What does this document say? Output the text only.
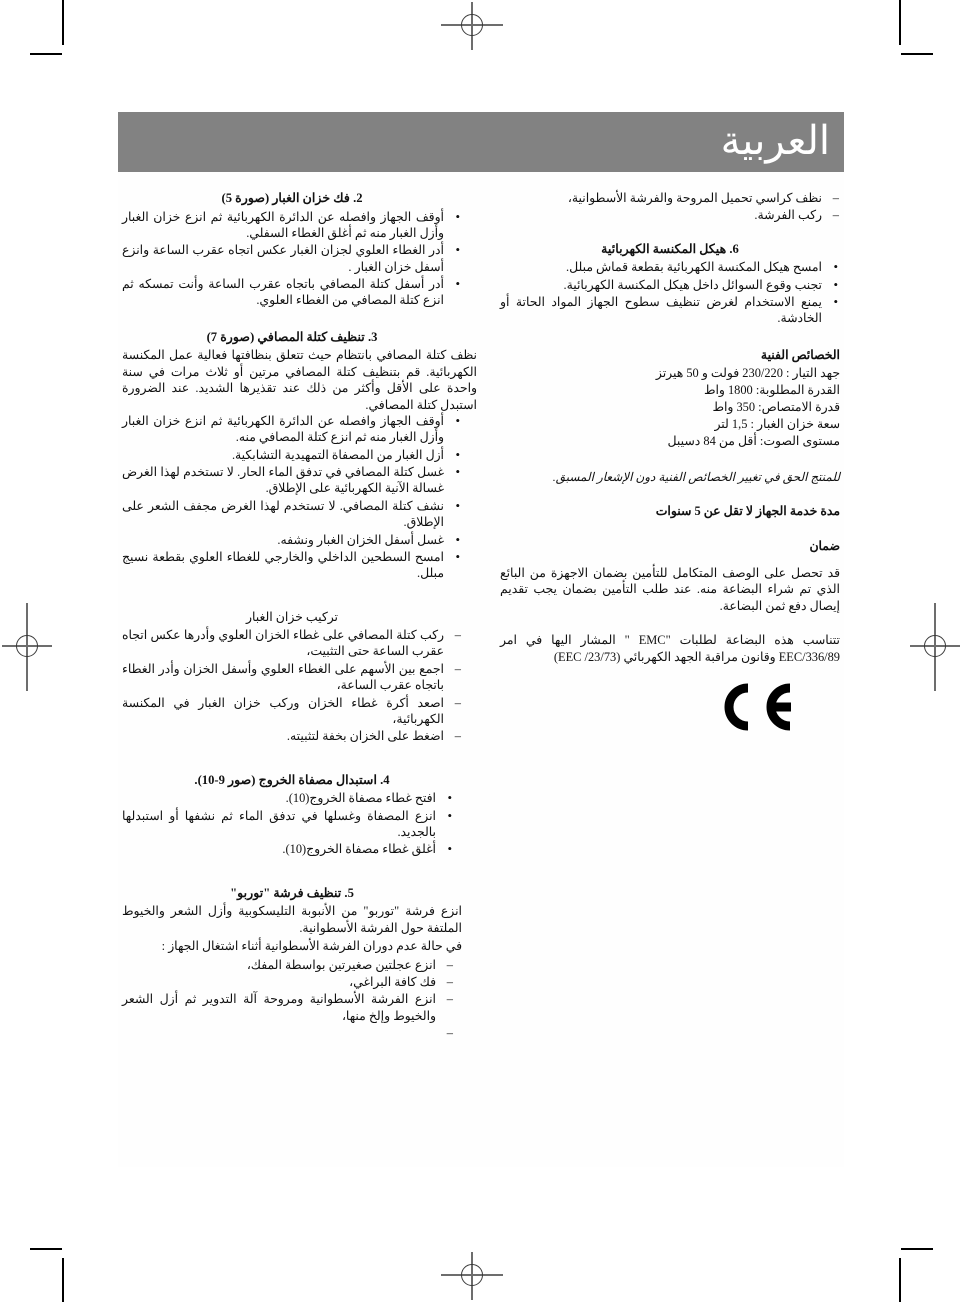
العربية
– نظف كراسي تحميل المروحة والفرشة الأسطوانية،
– ركب الفرشة.

6. هيكل المكنسة الكهربائية

• امسح هيكل المكنسة الكهربائية بقطعة قماش مبلل.
• تجنب وقوع السوائل داخل هيكل المكنسة الكهربائية.
• يمنع الاستخدام لغرض تنظيف سطوح الجهاز المواد الحاتة أو الخادشة.

الخصائص الفنية

جهد التيار : 230/220 فولت و 50 هيرتز

القدرة المطلوبة: 1800 واط

قدرة الامتصاص: 350 واط

سعة خزان الغبار : 1,5 لتر

مستوى الصوت: أقل من 84 دسيبل

للمنتج الحق في تغيير الخصائص الفنية دون الإشعار المسبق.

مدة خدمة الجهاز لا تقل عن 5 سنوات

ضمان

قد تحصل على الوصف المتكامل للتأمين بضمان الاجهزة من البائع الذي تم شراء البضاعة منه. عند طلب التأمين بضمان يجب تقديم إيصال دفع ثمن البضاعة.

تتناسب هذه البضاعة لطلبات "EMC " المشار اليها في امر EEC/336/89 وقانون مراقبة الجهد الكهربائي (23/73/ EEC)

2. فك خزان الغبار (صورة 5)

• أوقف الجهاز وافصله عن الدائرة الكهربائية ثم انزع خزان الغبار وأزل الغبار منه ثم أغلق الغطاء السفلي.
• أدر الغطاء العلوي لجزان الغبار عكس اتجاه عقرب الساعة وانزع أسفل خزان الغبار .
• أدر أسفل كتلة المصافي باتجاه عقرب الساعة وأنت تمسكه ثم انزع كتلة المصافي من الغطاء العلوي.

3. تنظيف كتلة المصافي (صورة 7)

نظف كتلة المصافي بانتظام حيث تتعلق بنظافتها فعالية عمل المكنسة الكهربائية. قم بتنظيف كتلة المصافي مرتين أو ثلاث مرات في سنة واحدة على الأقل وأكثر من ذلك عند تقذيرها الشديد. عند الضرورة استبدل كتلة المصافي.

• أوقف الجهاز وافصله عن الدائرة الكهربائية ثم انزع خزان الغبار وأزل الغبار منه ثم انزع كتلة المصافي منه.
• أزل الغبار من المصفاة التمهيدية التشابكية.
• غسل كتلة المصافي في تدفق الماء الحار. لا تستخدم لهذا الغرض غسالة الآنية الكهربائية على الإطلاق.
• نشف كتلة المصافي. لا تستخدم لهذا الغرض مجفف الشعر على الإطلاق.
• غسل أسفل الخزان الغبار ونشفه.
• امسح السطحين الداخلي والخارجي للغطاء العلوي بقطعة نسيج مبلل.

تركيب خزان الغبار

– ركب كتلة المصافي على غطاء الخزان العلوي وأدرها عكس اتجاه عقرب الساعة حتى التثبيت،
– اجمع بين الأسهم على الغطاء العلوي وأسفل الخزان وأدر الغطاء باتجاه عقرب الساعة،
– اصعد أكرة غطاء الخزان وركب خزان الغبار في المكنسة الكهربائية،
– اضغط على الخزان بخفة لتثبيته.

4. استبدال مصفاة الخروج (صور 9-10).

• افتح غطاء مصفاة الخروج(10).
• انزع المصفاة وغسلها في تدفق الماء ثم نشفها أو استبدلها بالجديد.
• أغلق غطاء مصفاة الخروج(10).

5. تنظيف فرشة "توربو"

انزع فرشة "توربو" من الأنبوبة التليسكوبية وأزل الشعر والخيوط الملتفة حول الفرشة الأسطوانية.

في حالة عدم دوران الفرشة الأسطوانية أثناء اشتغال الجهاز :

– انزع عجلتين صغيرتين بواسطة المفك،
– فك كافة البراغي،
– انزع الفرشة الأسطوانية ومروحة آلة التدوير ثم أزل الشعر والخيوط وإلخ منها،
–
